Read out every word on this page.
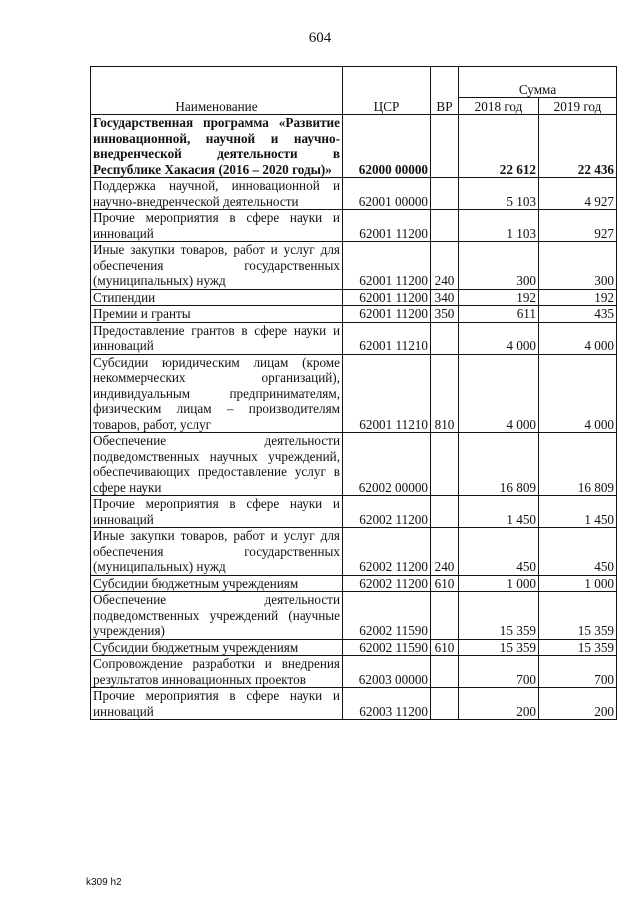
604
Наименование	ЦСР	ВР	Сумма	
			2018 год	2019 год
Государственная программа «Развитие инновационной, научной и научно-внедренческой деятельности в Республике Хакасия (2016 – 2020 годы)»	62000 00000		22 612	22 436
Поддержка научной, инновационной и научно-внедренческой деятельности	62001 00000		5 103	4 927
Прочие мероприятия в сфере науки и инноваций	62001 11200		1 103	927
Иные закупки товаров, работ и услуг для обеспечения государственных (муниципальных) нужд	62001 11200	240	300	300
Стипендии	62001 11200	340	192	192
Премии и гранты	62001 11200	350	611	435
Предоставление грантов в сфере науки и инноваций	62001 11210		4 000	4 000
Субсидии юридическим лицам (кроме некоммерческих организаций), индивидуальным предпринимателям, физическим лицам – производителям товаров, работ, услуг	62001 11210	810	4 000	4 000
Обеспечение деятельности подведомственных научных учреждений, обеспечивающих предоставление услуг в сфере науки	62002 00000		16 809	16 809
Прочие мероприятия в сфере науки и инноваций	62002 11200		1 450	1 450
Иные закупки товаров, работ и услуг для обеспечения государственных (муниципальных) нужд	62002 11200	240	450	450
Субсидии бюджетным учреждениям	62002 11200	610	1 000	1 000
Обеспечение деятельности подведомственных учреждений (научные учреждения)	62002 11590		15 359	15 359
Субсидии бюджетным учреждениям	62002 11590	610	15 359	15 359
Сопровождение разработки и внедрения результатов инновационных проектов	62003 00000		700	700
Прочие мероприятия в сфере науки и инноваций	62003 11200		200	200
k309 h2
